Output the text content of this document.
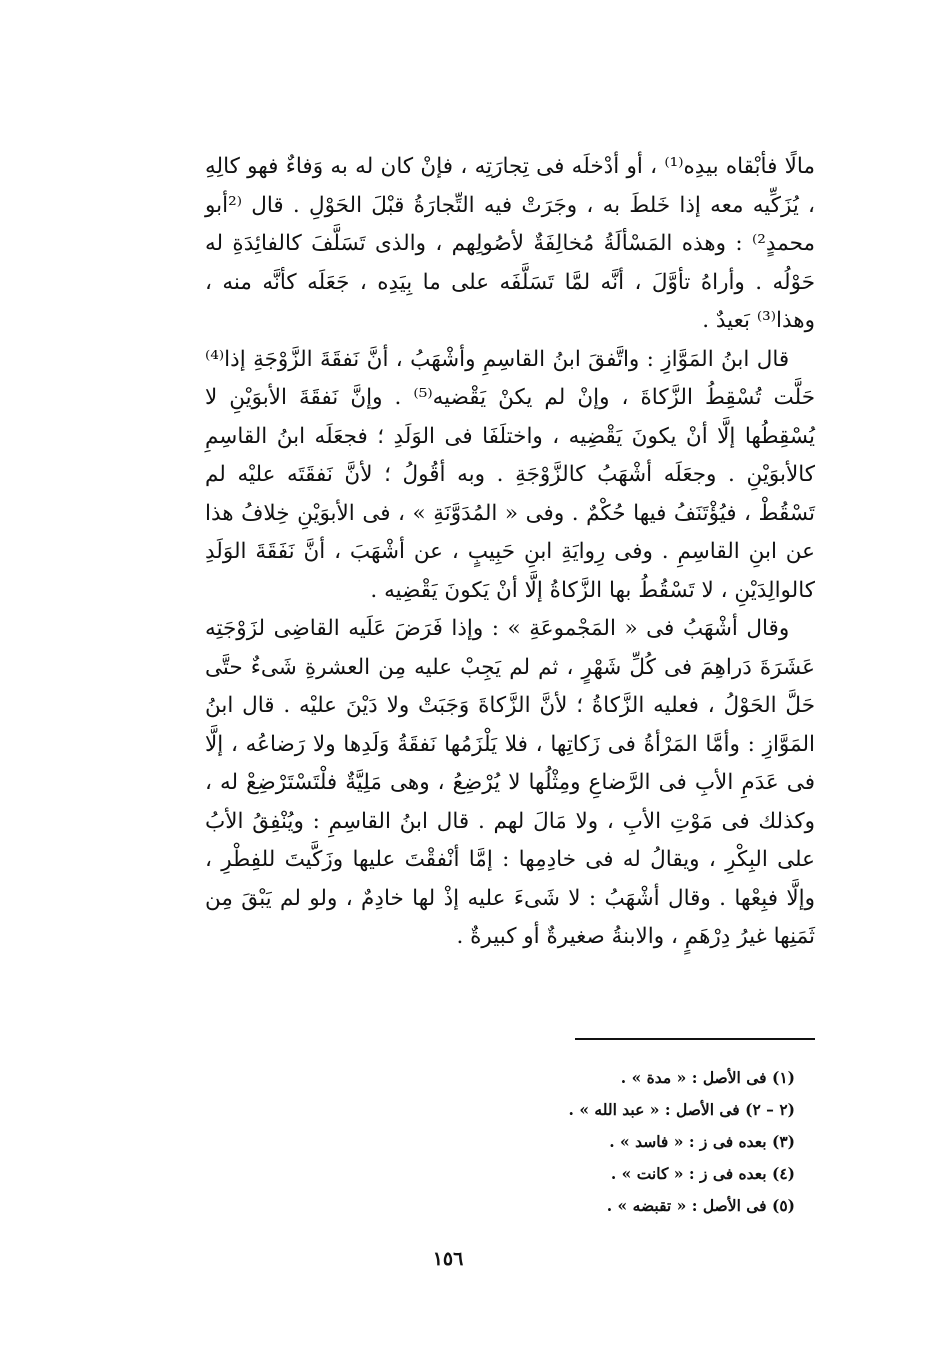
مالًا فأبْقاه بيدِه⁽¹⁾ ، أو أدْخلَه فى تِجارَتِه ، فإنْ كان له به وَفاءٌ فهو كالِهِ ، يُزَكِّيه معه إذا خَلطَ به ، وجَرَتْ فيه التِّجارَةُ قبْلَ الحَوْلِ . قال ⁽²أبو محمدٍ²⁾ : وهذه المَسْألَةُ مُخالِفَةٌ لأصُولِهم ، والذى تَسَلَّفَ كالفائِدَةِ له حَوْلُه . وأراهُ تأوَّلَ ، أنَّه لمَّا تَسَلَّفَه على ما بِيَدِه ، جَعَلَه كأنَّه منه ، وهذا⁽³⁾ بَعيدٌ .

قال ابنُ المَوَّازِ : واتَّفقَ ابنُ القاسِمِ وأشْهَبُ ، أنَّ نَفقَةَ الزَّوْجَةِ إذا⁽⁴⁾ حَلَّت تُسْقِطُ الزَّكاةَ ، وإنْ لم يكنْ يَقْضيه⁽⁵⁾ . وإنَّ نَفقَةَ الأبوَيْنِ لا يُسْقِطُها إلَّا أنْ يكونَ يَقْضِيه ، واختلَفَا فى الوَلَدِ ؛ فجعَلَه ابنُ القاسِمِ كالأبوَيْنِ . وجعَلَه أشْهَبُ كالزَّوْجَةِ . وبه أقُولُ ؛ لأنَّ نَفقَتَه عليْه لم تَسْقُطْ ، فيُؤْتَنَفُ فيها حُكْمٌ . وفى « المُدَوَّنَةِ » ، فى الأبوَيْنِ خِلافُ هذا عن ابنِ القاسِمِ . وفى رِوايَةِ ابنِ حَبِيبٍ ، عن أشْهَبَ ، أنَّ نَفَقَةَ الوَلَدِ كالوالِدَيْنِ ، لا تَسْقُطُ بها الزَّكاةُ إلَّا أنْ يَكونَ يَقْضِيه .

وقال أشْهَبُ فى « المَجْموعَةِ » : وإذا فَرَضَ عَلَيه القاضِى لزَوْجَتِه عَشَرَةَ دَراهِمَ فى كُلِّ شَهْرٍ ، ثم لم يَجِبْ عليه مِن العشرةِ شَىءٌ حتَّى حَلَّ الحَوْلُ ، فعليه الزَّكاةُ ؛ لأنَّ الزَّكاةَ وَجَبَتْ ولا دَيْنَ عليْه . قال ابنُ المَوَّازِ : وأمَّا المَرْأةُ فى زَكاتِها ، فلا يَلْزَمُها نَفقَةُ وَلَدِها ولا رَضاعُه ، إلَّا فى عَدَمِ الأبِ فى الرَّضاعِ ومِثْلُها لا يُرْضِعُ ، وهى مَلِيَّةٌ فلْتَسْتَرْضِعْ له ، وكذلك فى مَوْتِ الأبِ ، ولا مَالَ لهم . قال ابنُ القاسِمِ : ويُنْفِقُ الأبُ على البِكْرِ ، ويقالُ له فى خادِمِها : إمَّا أنْفقْتَ عليها وزَكَّيتَ للفِطْرِ ، وإلَّا فبِعْها . وقال أشْهَبُ : لا شَىءَ عليه إذْ لها خادِمٌ ، ولو لم يَبْقَ مِن ثَمَنِها غيرُ دِرْهَمٍ ، والابنةُ صغيرةٌ أو كبيرةٌ .

(١) فى الأصل : « مدة » .
(٢ – ٢) فى الأصل : « عبد الله » .
(٣) بعده فى ز : « فاسد » .
(٤) بعده فى ز : « كانت » .
(٥) فى الأصل : « تقبضه » .
١٥٦
